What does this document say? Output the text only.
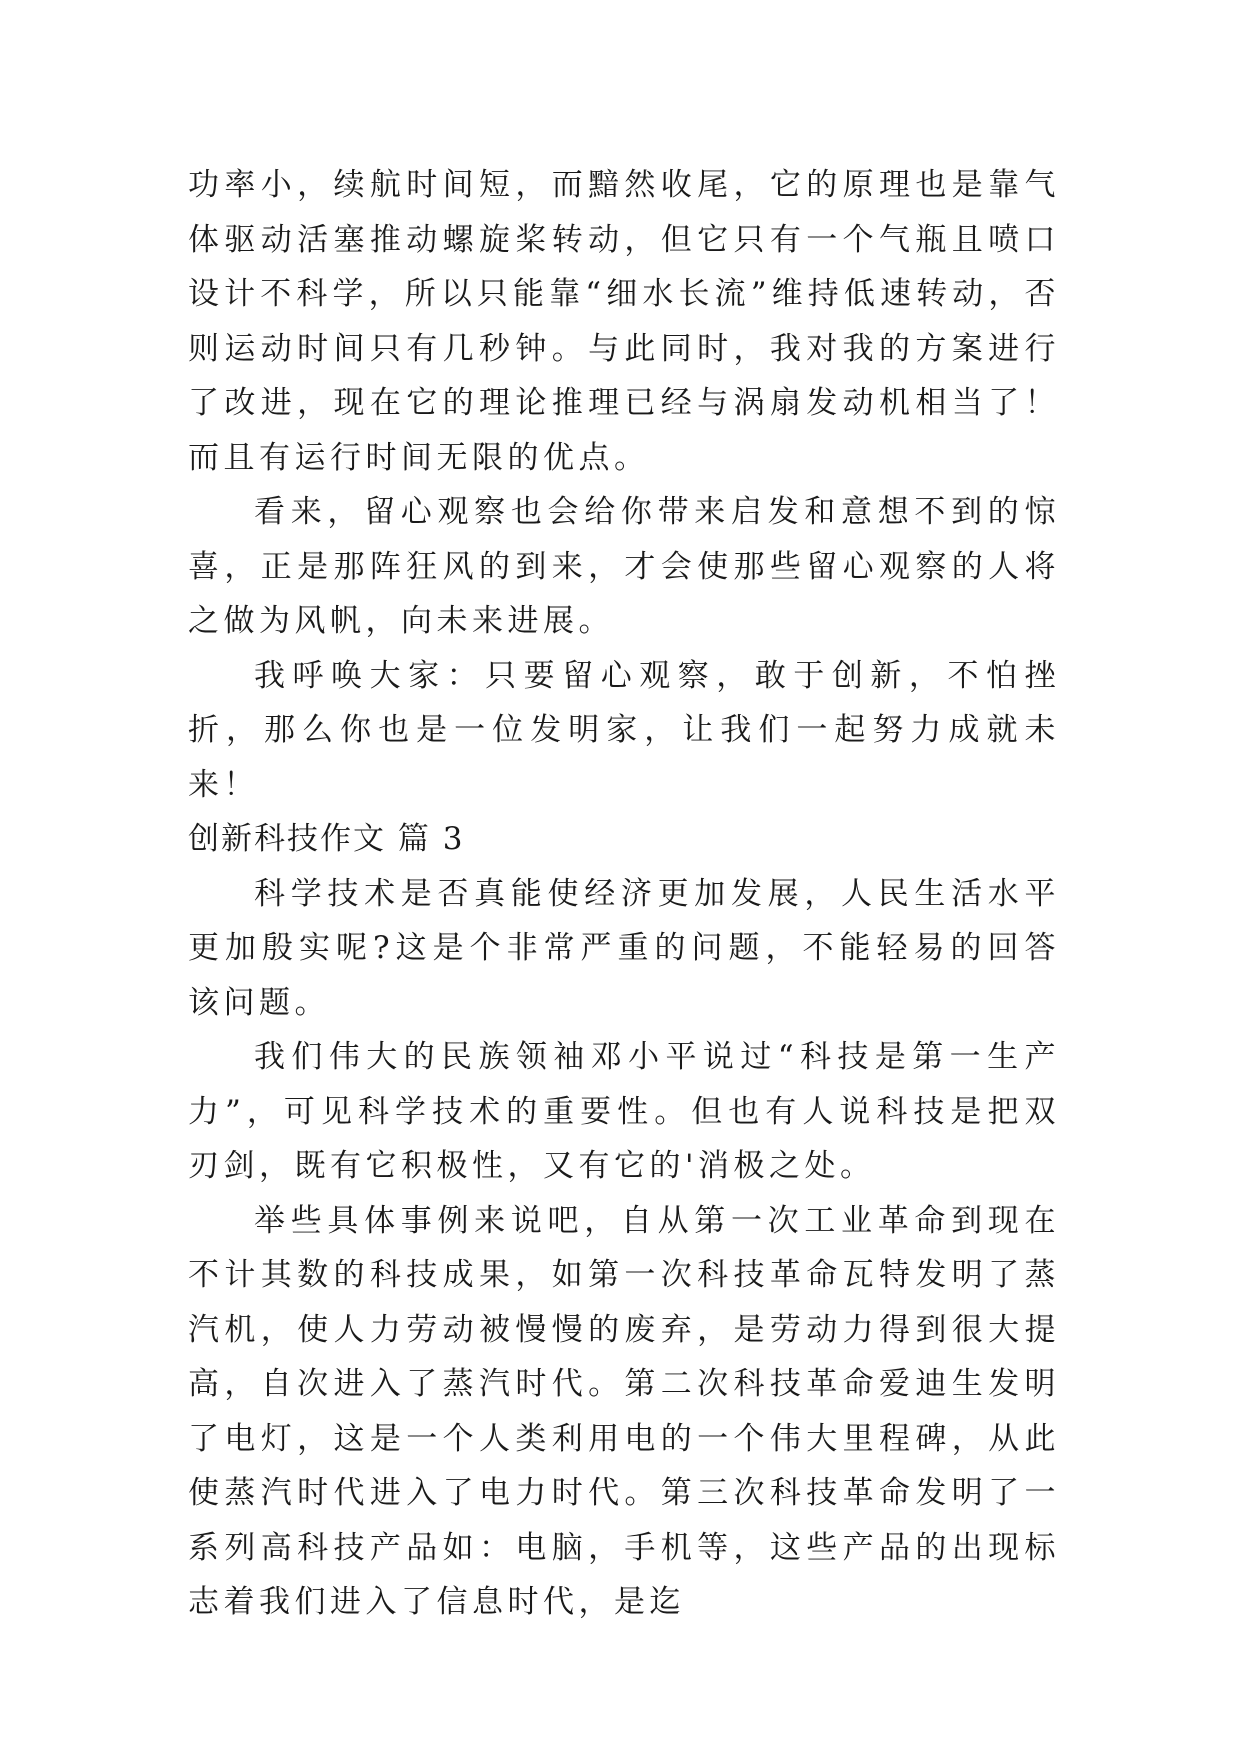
功率小，续航时间短，而黯然收尾，它的原理也是靠气体驱动活塞推动螺旋桨转动，但它只有一个气瓶且喷口设计不科学，所以只能靠“细水长流”维持低速转动，否则运动时间只有几秒钟。与此同时，我对我的方案进行了改进，现在它的理论推理已经与涡扇发动机相当了！而且有运行时间无限的优点。

看来，留心观察也会给你带来启发和意想不到的惊喜，正是那阵狂风的到来，才会使那些留心观察的人将之做为风帆，向未来进展。

我呼唤大家：只要留心观察，敢于创新，不怕挫折，那么你也是一位发明家，让我们一起努力成就未来！

创新科技作文 篇 3

科学技术是否真能使经济更加发展，人民生活水平更加殷实呢?这是个非常严重的问题，不能轻易的回答该问题。

我们伟大的民族领袖邓小平说过“科技是第一生产力”，可见科学技术的重要性。但也有人说科技是把双刃剑，既有它积极性，又有它的'消极之处。

举些具体事例来说吧，自从第一次工业革命到现在不计其数的科技成果，如第一次科技革命瓦特发明了蒸汽机，使人力劳动被慢慢的废弃，是劳动力得到很大提高，自次进入了蒸汽时代。第二次科技革命爱迪生发明了电灯，这是一个人类利用电的一个伟大里程碑，从此使蒸汽时代进入了电力时代。第三次科技革命发明了一系列高科技产品如：电脑，手机等，这些产品的出现标志着我们进入了信息时代，是迄
